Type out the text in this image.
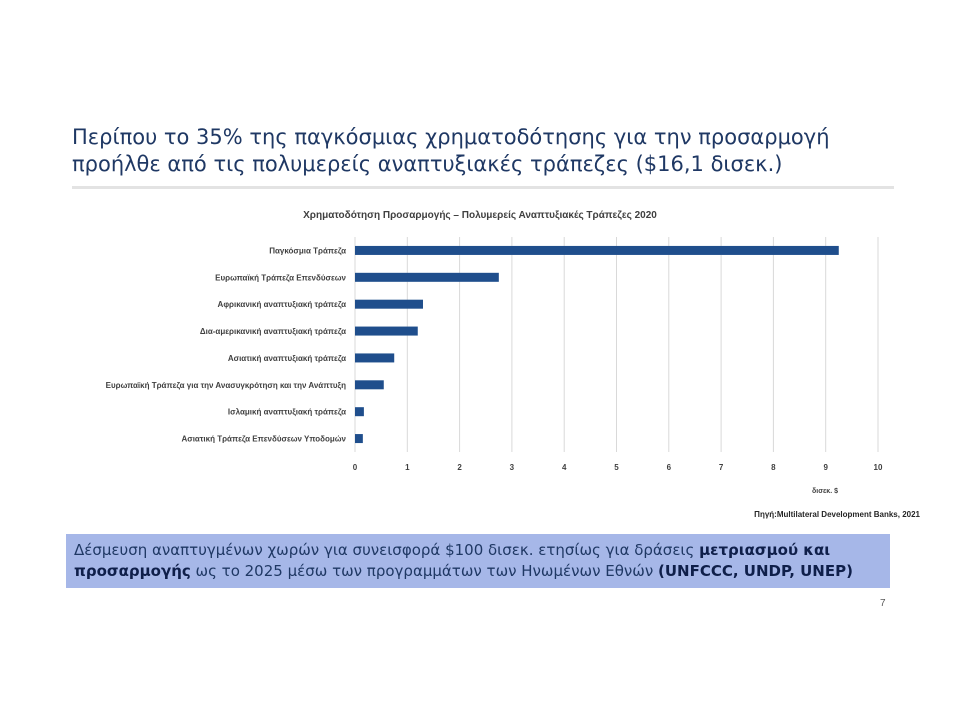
Περίπου το 35% της παγκόσμιας χρηματοδότησης για την προσαρμογή προήλθε από τις πολυμερείς αναπτυξιακές τράπεζες ($16,1 δισεκ.)
Χρηματοδότηση Προσαρμογής – Πολυμερείς Αναπτυξιακές Τράπεζες 2020
0	1	2	3	4	5	6	7	8	9	10
Παγκόσμια Τράπεζα
Ευρωπαϊκή Τράπεζα Επενδύσεων
Αφρικανική αναπτυξιακή τράπεζα
Δια-αμερικανική αναπτυξιακή τράπεζα
Ασιατική αναπτυξιακή τράπεζα
Ευρωπαϊκή Τράπεζα για την Ανασυγκρότηση και την Ανάπτυξη
Ισλαμική αναπτυξιακή τράπεζα
Ασιατική Τράπεζα Επενδύσεων Υποδομών
δισεκ. $
Πηγή:Multilateral Development Banks, 2021
Δέσμευση αναπτυγμένων χωρών για συνεισφορά $100 δισεκ. ετησίως για δράσεις μετριασμού και προσαρμογής ως το 2025 μέσω των προγραμμάτων των Ηνωμένων Εθνών (UNFCCC, UNDP, UNEP)
7
